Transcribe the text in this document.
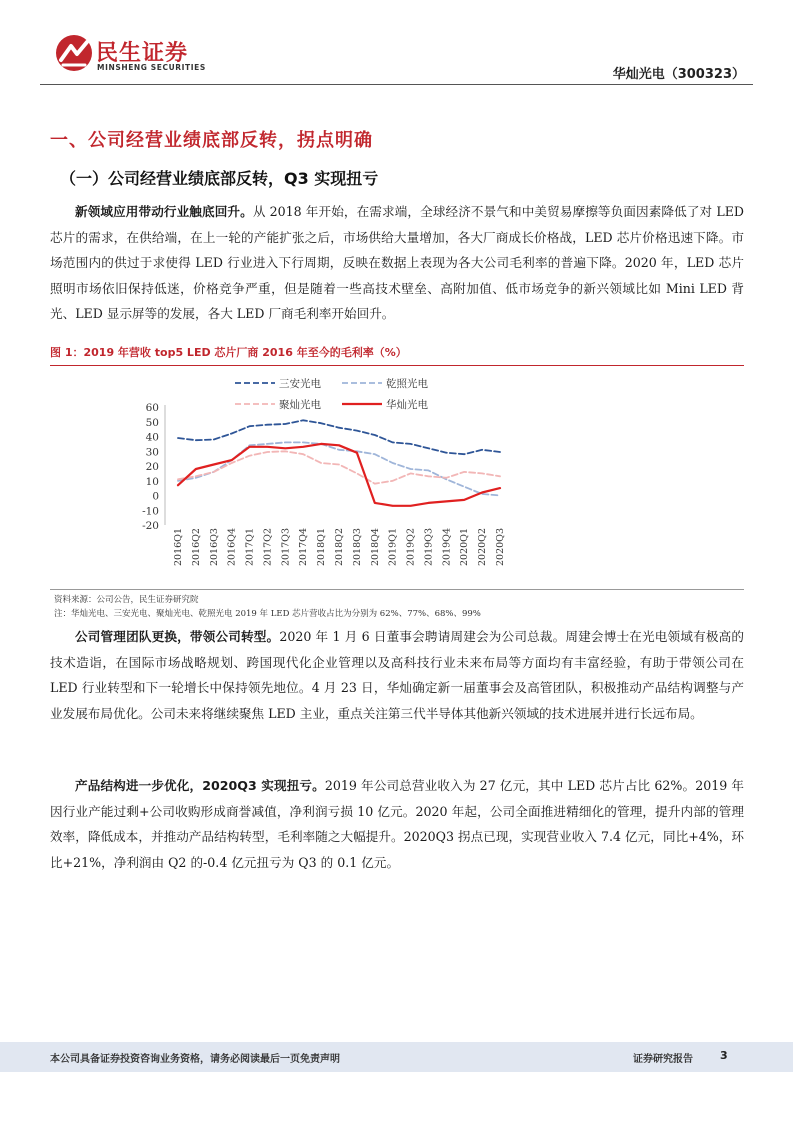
民生证券
MINSHENG SECURITIES	华灿光电（300323）
一、公司经营业绩底部反转，拐点明确
（一）公司经营业绩底部反转，Q3 实现扭亏

新领域应用带动行业触底回升。从 2018 年开始，在需求端，全球经济不景气和中美贸易摩擦等负面因素降低了对 LED 芯片的需求，在供给端，在上一轮的产能扩张之后，市场供给大量增加，各大厂商成长价格战，LED 芯片价格迅速下降。市场范围内的供过于求使得 LED 行业进入下行周期，反映在数据上表现为各大公司毛利率的普遍下降。2020 年，LED 芯片照明市场依旧保持低迷，价格竞争严重，但是随着一些高技术壁垒、高附加值、低市场竞争的新兴领域比如 Mini LED 背光、LED 显示屏等的发展，各大 LED 厂商毛利率开始回升。

图 1：2019 年营收 top5 LED 芯片厂商 2016 年至今的毛利率（%）
-20
-10
0
10
20
30
40
50
60
2016Q1 2016Q2 2016Q3 2016Q4 2017Q1 2017Q2 2017Q3 2017Q4 2018Q1 2018Q2 2018Q3 2018Q4 2019Q1 2019Q2 2019Q3 2019Q4 2020Q1 2020Q2 2020Q3
三安光电	乾照光电
聚灿光电	华灿光电
资料来源：公司公告，民生证券研究院
注：华灿光电、三安光电、聚灿光电、乾照光电 2019 年 LED 芯片营收占比为分别为 62%、77%、68%、99%

公司管理团队更换，带领公司转型。2020 年 1 月 6 日董事会聘请周建会为公司总裁。周建会博士在光电领域有极高的技术造诣，在国际市场战略规划、跨国现代化企业管理以及高科技行业未来布局等方面均有丰富经验，有助于带领公司在 LED 行业转型和下一轮增长中保持领先地位。4 月 23 日，华灿确定新一届董事会及高管团队，积极推动产品结构调整与产业发展布局优化。公司未来将继续聚焦 LED 主业，重点关注第三代半导体其他新兴领域的技术进展并进行长远布局。

产品结构进一步优化，2020Q3 实现扭亏。2019 年公司总营业收入为 27 亿元，其中 LED 芯片占比 62%。2019 年因行业产能过剩+公司收购形成商誉减值，净利润亏损 10 亿元。2020 年起，公司全面推进精细化的管理，提升内部的管理效率，降低成本，并推动产品结构转型，毛利率随之大幅提升。2020Q3 拐点已现，实现营业收入 7.4 亿元，同比+4%，环比+21%，净利润由 Q2 的-0.4 亿元扭亏为 Q3 的 0.1 亿元。

本公司具备证券投资咨询业务资格，请务必阅读最后一页免责声明	证券研究报告 3
